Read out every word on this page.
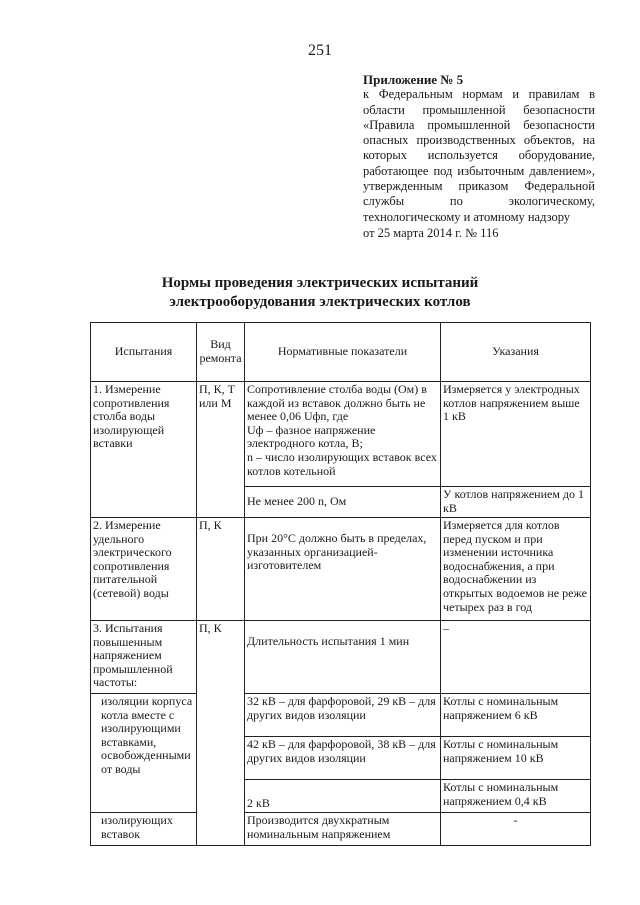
251
Приложение № 5
к Федеральным нормам и правилам в области промышленной безопасности «Правила промышленной безопасности опасных производственных объектов, на которых используется оборудование, работающее под избыточным давлением», утвержденным приказом Федеральной службы по экологическому, технологическому и атомному надзору
от 25 марта 2014 г. № 116
Нормы проведения электрических испытаний
электрооборудования электрических котлов
Испытания	Вид ремонта	Нормативные показатели	Указания
1. Измерение сопротивления столба воды изолирующей вставки	П, К, Т или М	Сопротивление столба воды (Ом) в каждой из вставок должно быть не менее 0,06 Uфn, где
Uф – фазное напряжение электродного котла, В;
n – число изолирующих вставок всех котлов котельной	Измеряется у электродных котлов напряжением выше 1 кВ
		Не менее 200 n, Ом	У котлов напряжением до 1 кВ
2. Измерение удельного электрического сопротивления питательной (сетевой) воды	П, К	При 20°С должно быть в пределах, указанных организацией-изготовителем	Измеряется для котлов перед пуском и при изменении источника водоснабжения, а при водоснабжении из открытых водоемов не реже четырех раз в год
3. Испытания повышенным напряжением промышленной частоты:	П, К	Длительность испытания 1 мин	–
изоляции корпуса котла вместе с изолирующими вставками, освобожденными от воды		32 кВ – для фарфоровой, 29 кВ – для других видов изоляции	Котлы с номинальным напряжением 6 кВ
		42 кВ – для фарфоровой, 38 кВ – для других видов изоляции	Котлы с номинальным напряжением 10 кВ
		2 кВ	Котлы с номинальным напряжением 0,4 кВ
изолирующих вставок		Производится двухкратным номинальным напряжением	-
